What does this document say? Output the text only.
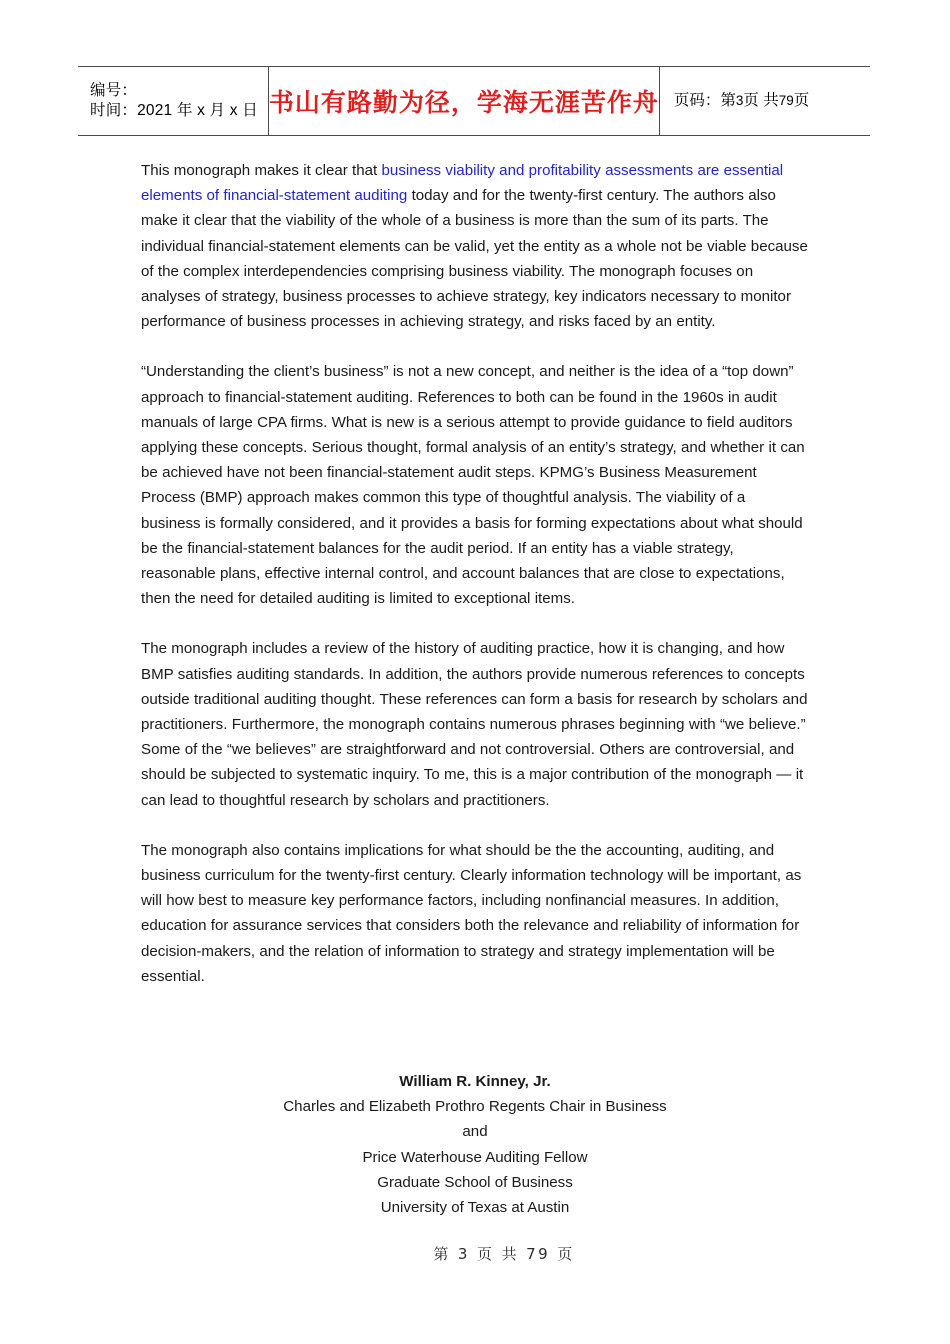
编号：
时间：2021 年 x 月 x 日 书山有路勤为径，学海无涯苦作舟 页码：第3页 共79页

This monograph makes it clear that business viability and profitability assessments are essential elements of financial-statement auditing today and for the twenty-first century. The authors also make it clear that the viability of the whole of a business is more than the sum of its parts. The individual financial-statement elements can be valid, yet the entity as a whole not be viable because of the complex interdependencies comprising business viability. The monograph focuses on analyses of strategy, business processes to achieve strategy, key indicators necessary to monitor performance of business processes in achieving strategy, and risks faced by an entity.

“Understanding the client’s business” is not a new concept, and neither is the idea of a “top down” approach to financial-statement auditing. References to both can be found in the 1960s in audit manuals of large CPA firms. What is new is a serious attempt to provide guidance to field auditors applying these concepts. Serious thought, formal analysis of an entity’s strategy, and whether it can be achieved have not been financial-statement audit steps. KPMG’s Business Measurement Process (BMP) approach makes common this type of thoughtful analysis. The viability of a business is formally considered, and it provides a basis for forming expectations about what should be the financial-statement balances for the audit period. If an entity has a viable strategy, reasonable plans, effective internal control, and account balances that are close to expectations, then the need for detailed auditing is limited to exceptional items.

The monograph includes a review of the history of auditing practice, how it is changing, and how BMP satisfies auditing standards. In addition, the authors provide numerous references to concepts outside traditional auditing thought. These references can form a basis for research by scholars and practitioners. Furthermore, the monograph contains numerous phrases beginning with “we believe.” Some of the “we believes” are straightforward and not controversial. Others are controversial, and should be subjected to systematic inquiry. To me, this is a major contribution of the monograph — it can lead to thoughtful research by scholars and practitioners.

The monograph also contains implications for what should be the the accounting, auditing, and business curriculum for the twenty-first century. Clearly information technology will be important, as will how best to measure key performance factors, including nonfinancial measures. In addition, education for assurance services that considers both the relevance and reliability of information for decision-makers, and the relation of information to strategy and strategy implementation will be essential.

William R. Kinney, Jr.
Charles and Elizabeth Prothro Regents Chair in Business
and
Price Waterhouse Auditing Fellow
Graduate School of Business
University of Texas at Austin
第 3 页 共 79 页
